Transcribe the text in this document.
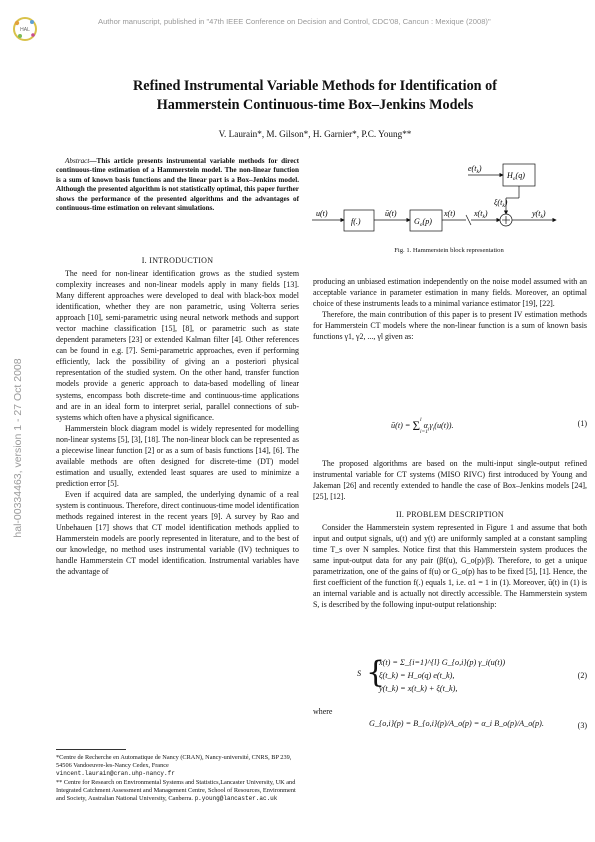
HAL
Author manuscript, published in "47th IEEE Conference on Decision and Control, CDC'08, Cancun : Mexique (2008)"
hal-00334463, version 1 - 27 Oct 2008
Refined Instrumental Variable Methods for Identification of
Hammerstein Continuous-time Box–Jenkins Models
V. Laurain*, M. Gilson*, H. Garnier*, P.C. Young**
Abstract—This article presents instrumental variable methods for direct continuous-time estimation of a Hammerstein model. The non-linear function is a sum of known basis functions and the linear part is a Box–Jenkins model. Although the presented algorithm is not statistically optimal, this paper further shows the performance of the presented algorithms and the advantages of continuous-time estimation on relevant simulations.
I. INTRODUCTION

The need for non-linear identification grows as the studied system complexity increases and non-linear models apply in many fields [13]. Many different approaches were developed to deal with black-box model identification, whether they are non parametric, using Volterra series approach [10], semi-parametric using neural network methods and support vector machine classification [15], [8], or parametric such as state dependent parameters [23] or extended Kalman filter [4]. Other references can be found in e.g. [7]. Semi-parametric approaches, even if performing efficiently, lack the possibility of giving an a posteriori physical representation of the studied system. On the other hand, transfer function models provide a generic approach to data-based modelling of linear systems, encompass both discrete-time and continuous-time applications and are in an ideal form to interpret serial, parallel connections of sub-systems which often have a physical significance.

Hammerstein block diagram model is widely represented for modelling non-linear systems [5], [3], [18]. The non-linear block can be represented as a piecewise linear function [2] or as a sum of basis functions [14], [6]. The available methods are often designed for discrete-time (DT) model estimation and usually, extended least squares are used to minimize a prediction error [5].

Even if acquired data are sampled, the underlying dynamic of a real system is continuous. Therefore, direct continuous-time model identification methods regained interest in the recent years [9]. A survey by Rao and Unbehauen [17] shows that CT model identification methods applied to Hammerstein models are poorly represented in literature, and to the best of our knowledge, no method uses instrumental variable (IV) techniques to handle Hammerstein CT model identification. Instrumental variables have the advantage of

*Centre de Recherche en Automatique de Nancy (CRAN), Nancy-université, CNRS, BP 239, 54506 Vandoeuvre-les-Nancy Cedex, France
vincent.laurain@cran.uhp-nancy.fr
** Centre for Research on Environmental Systems and Statistics,Lancaster University, UK and Integrated Catchment Assessment and Management Centre, School of Resources, Environment and Society, Australian National University, Canberra. p.young@lancaster.ac.uk
u(t)
f(.)
ū(t)
$G_o(p)$
x(t) $x(t_k)$	$y(t_k)$
$e(t_k)$
$H_o(q)$
$\xi(t_k)$
Fig. 1. Hammerstein block representation

producing an unbiased estimation independently on the noise model assumed with an acceptable variance in parameter estimation in many fields. Moreover, an optimal choice of these instruments leads to a minimal variance estimator [19], [22].

Therefore, the main contribution of this paper is to present IV estimation methods for Hammerstein CT models where the non-linear function is a sum of known basis functions γ1, γ2, ..., γl given as:

ū(t) = $\Sigma_{i=1}^l$ $\alpha_i\gamma_i(u(t))$.	(1)

The proposed algorithms are based on the multi-input single-output refined instrumental variable for CT systems (MISO RIVC) first introduced by Young and Jakeman [26] and recently extended to handle the case of Box–Jenkins models [24], [25], [12].

II. PROBLEM DESCRIPTION

Consider the Hammerstein system represented in Figure 1 and assume that both input and output signals, u(t) and y(t) are uniformly sampled at a constant sampling time T_s over N samples. Notice first that this Hammerstein system produces the same input-output data for any pair (βf(u), G_o(p)/β). Therefore, to get a unique parametrization, one of the gains of f(u) or G_o(p) has to be fixed [5], [1]. Hence, the first coefficient of the function f(.) equals 1, i.e. α1 = 1 in (1). Moreover, ū(t) in (1) is an internal variable and is actually not directly accessible. The Hammerstein system S, is described by the following input-output relationship:

S {
x(t) = Σ_{i=1}^{l} G_{o,i}(p) γ_i(u(t))
ξ(t_k) = H_o(q) e(t_k),
y(t_k) = x(t_k) + ξ(t_k),
(2)
where
G_{o,i}(p) = B_{o,i}(p)/A_o(p) = α_i B_o(p)/A_o(p).	(3)
